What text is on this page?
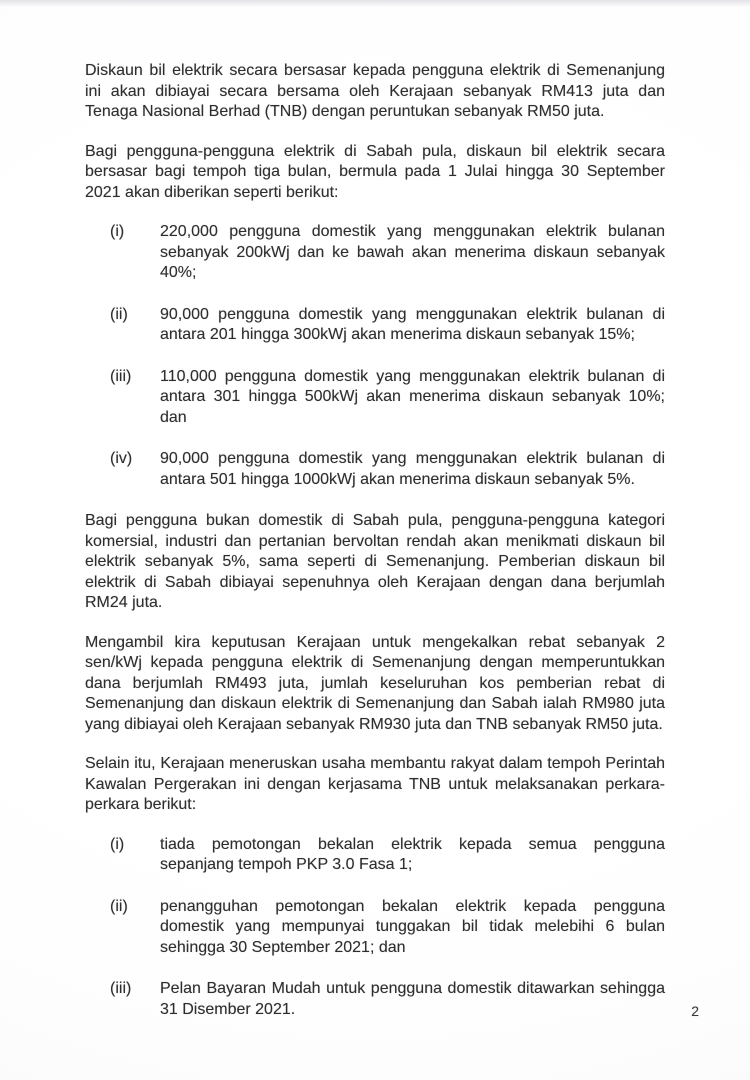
Diskaun bil elektrik secara bersasar kepada pengguna elektrik di Semenanjung ini akan dibiayai secara bersama oleh Kerajaan sebanyak RM413 juta dan Tenaga Nasional Berhad (TNB) dengan peruntukan sebanyak RM50 juta.

Bagi pengguna-pengguna elektrik di Sabah pula, diskaun bil elektrik secara bersasar bagi tempoh tiga bulan, bermula pada 1 Julai hingga 30 September 2021 akan diberikan seperti berikut:

(i)	220,000 pengguna domestik yang menggunakan elektrik bulanan sebanyak 200kWj dan ke bawah akan menerima diskaun sebanyak 40%;
(ii)	90,000 pengguna domestik yang menggunakan elektrik bulanan di antara 201 hingga 300kWj akan menerima diskaun sebanyak 15%;
(iii)	110,000 pengguna domestik yang menggunakan elektrik bulanan di antara 301 hingga 500kWj akan menerima diskaun sebanyak 10%; dan
(iv)	90,000 pengguna domestik yang menggunakan elektrik bulanan di antara 501 hingga 1000kWj akan menerima diskaun sebanyak 5%.

Bagi pengguna bukan domestik di Sabah pula, pengguna-pengguna kategori komersial, industri dan pertanian bervoltan rendah akan menikmati diskaun bil elektrik sebanyak 5%, sama seperti di Semenanjung. Pemberian diskaun bil elektrik di Sabah dibiayai sepenuhnya oleh Kerajaan dengan dana berjumlah RM24 juta.

Mengambil kira keputusan Kerajaan untuk mengekalkan rebat sebanyak 2 sen/kWj kepada pengguna elektrik di Semenanjung dengan memperuntukkan dana berjumlah RM493 juta, jumlah keseluruhan kos pemberian rebat di Semenanjung dan diskaun elektrik di Semenanjung dan Sabah ialah RM980 juta yang dibiayai oleh Kerajaan sebanyak RM930 juta dan TNB sebanyak RM50 juta.

Selain itu, Kerajaan meneruskan usaha membantu rakyat dalam tempoh Perintah Kawalan Pergerakan ini dengan kerjasama TNB untuk melaksanakan perkara-perkara berikut:

(i)	tiada pemotongan bekalan elektrik kepada semua pengguna sepanjang tempoh PKP 3.0 Fasa 1;
(ii)	penangguhan pemotongan bekalan elektrik kepada pengguna domestik yang mempunyai tunggakan bil tidak melebihi 6 bulan sehingga 30 September 2021; dan
(iii)	Pelan Bayaran Mudah untuk pengguna domestik ditawarkan sehingga 31 Disember 2021.	2
